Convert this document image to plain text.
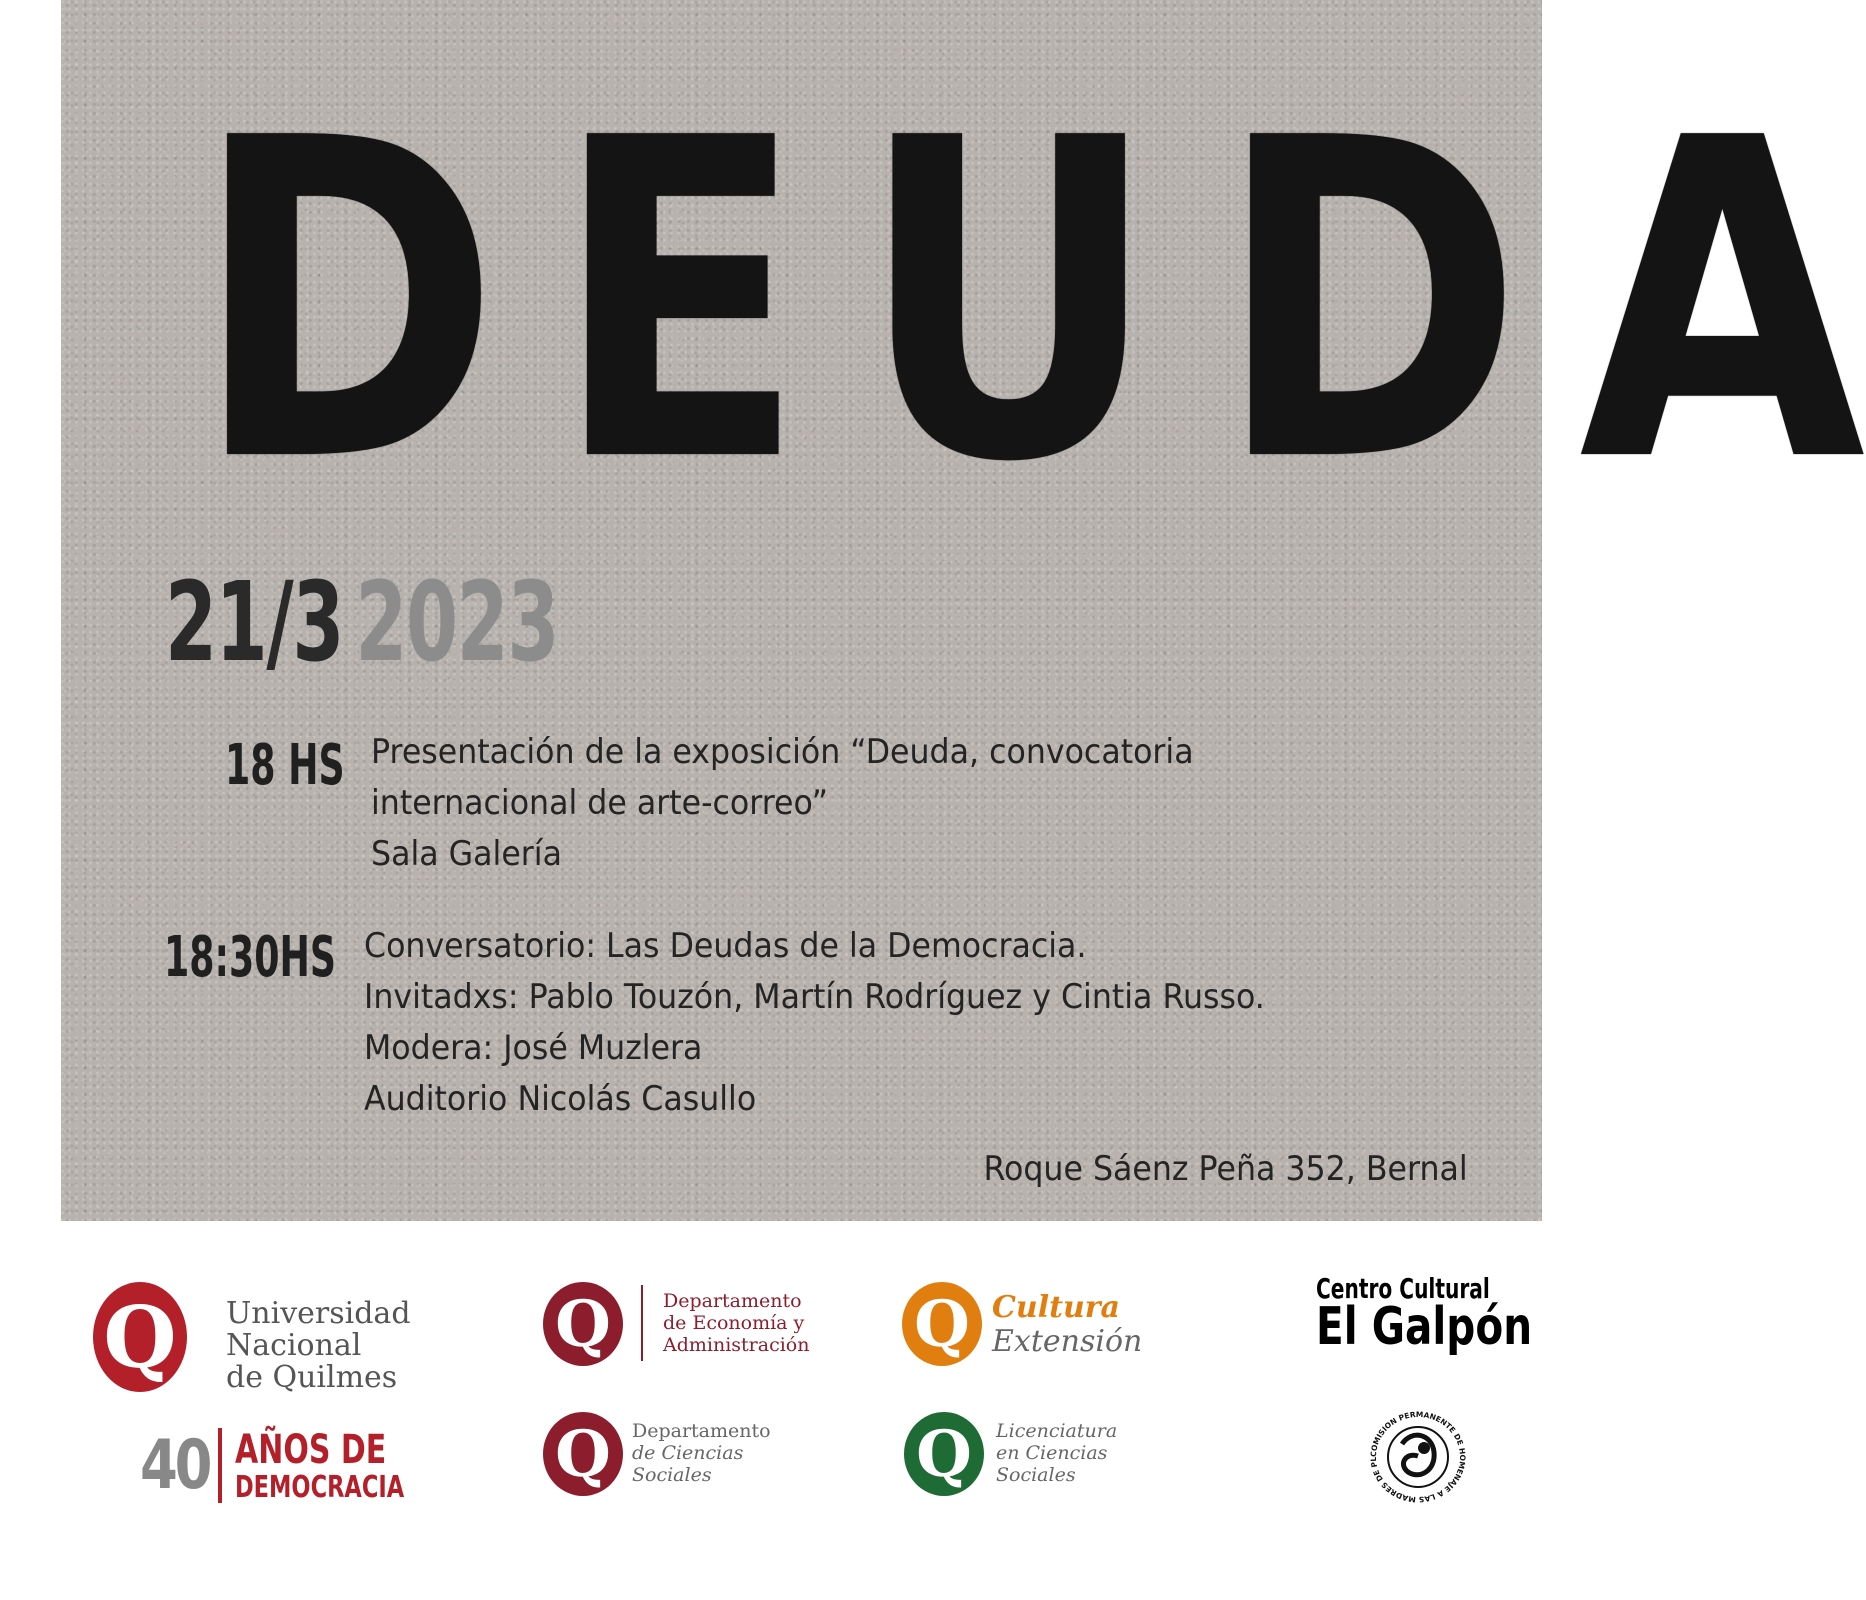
D E U D A
21/3 2023
18 HS Presentación de la exposición “Deuda, convocatoria
internacional de arte-correo”
Sala Galería
18:30HS Conversatorio: Las Deudas de la Democracia.
Invitadxs: Pablo Touzón, Martín Rodríguez y Cintia Russo.
Modera: José Muzlera
Auditorio Nicolás Casullo
Roque Sáenz Peña 352, Bernal
Q Universidad
Nacional
de Quilmes
40 AÑOS DE
DEMOCRACIA
Q	Departamento
de Economía y
Administración
Q Departamento
de Ciencias
Sociales
Q Cultura
Extensión
Q Licenciatura
en Ciencias
Sociales
Centro Cultural
El Galpón
COMISION PERMANENTE DE HOMENAJE A LAS MADRES DE PL
